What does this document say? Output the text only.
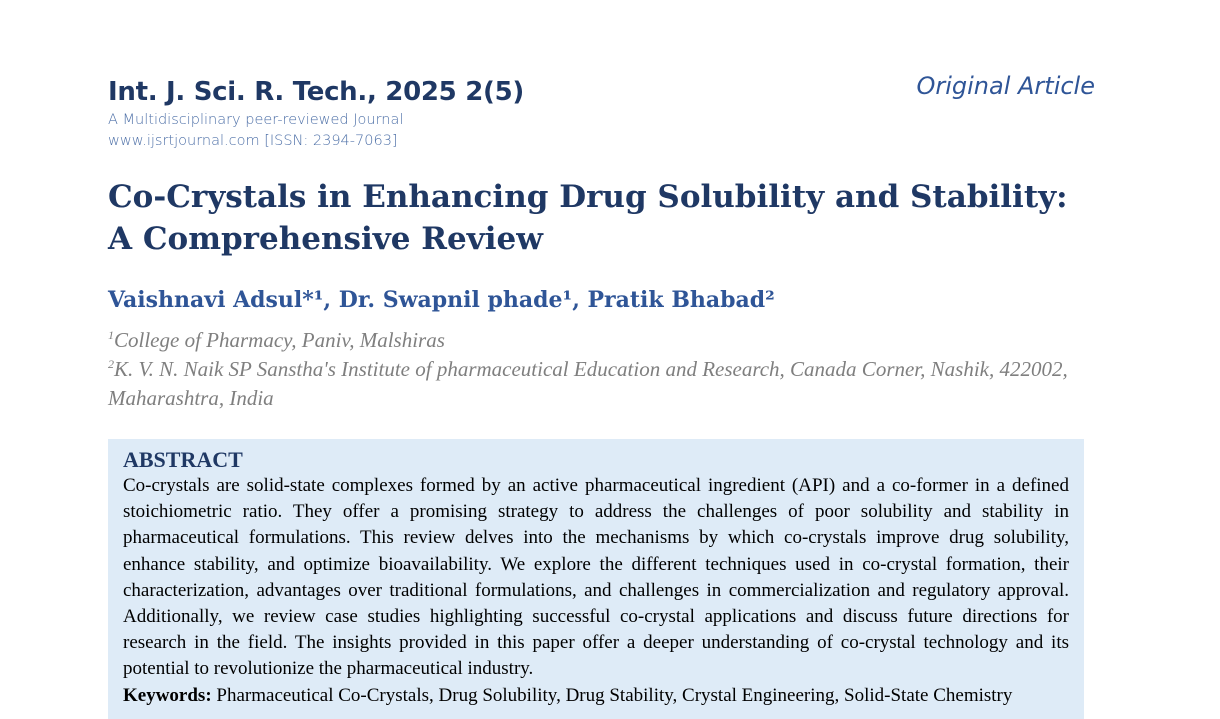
Int. J. Sci. R. Tech., 2025 2(5)

A Multidisciplinary peer-reviewed Journal

www.ijsrtjournal.com [ISSN: 2394-7063]

Original Article
Co-Crystals in Enhancing Drug Solubility and Stability: A Comprehensive Review

Vaishnavi Adsul*¹, Dr. Swapnil phade¹, Pratik Bhabad²

$^1$College of Pharmacy, Paniv, Malshiras
$^2$K. V. N. Naik SP Sanstha's Institute of pharmaceutical Education and Research, Canada Corner, Nashik, 422002, Maharashtra, India

ABSTRACT

Co-crystals are solid-state complexes formed by an active pharmaceutical ingredient (API) and a co-former in a defined stoichiometric ratio. They offer a promising strategy to address the challenges of poor solubility and stability in pharmaceutical formulations. This review delves into the mechanisms by which co-crystals improve drug solubility, enhance stability, and optimize bioavailability. We explore the different techniques used in co-crystal formation, their characterization, advantages over traditional formulations, and challenges in commercialization and regulatory approval. Additionally, we review case studies highlighting successful co-crystal applications and discuss future directions for research in the field. The insights provided in this paper offer a deeper understanding of co-crystal technology and its potential to revolutionize the pharmaceutical industry.

Keywords: Pharmaceutical Co-Crystals, Drug Solubility, Drug Stability, Crystal Engineering, Solid-State Chemistry
